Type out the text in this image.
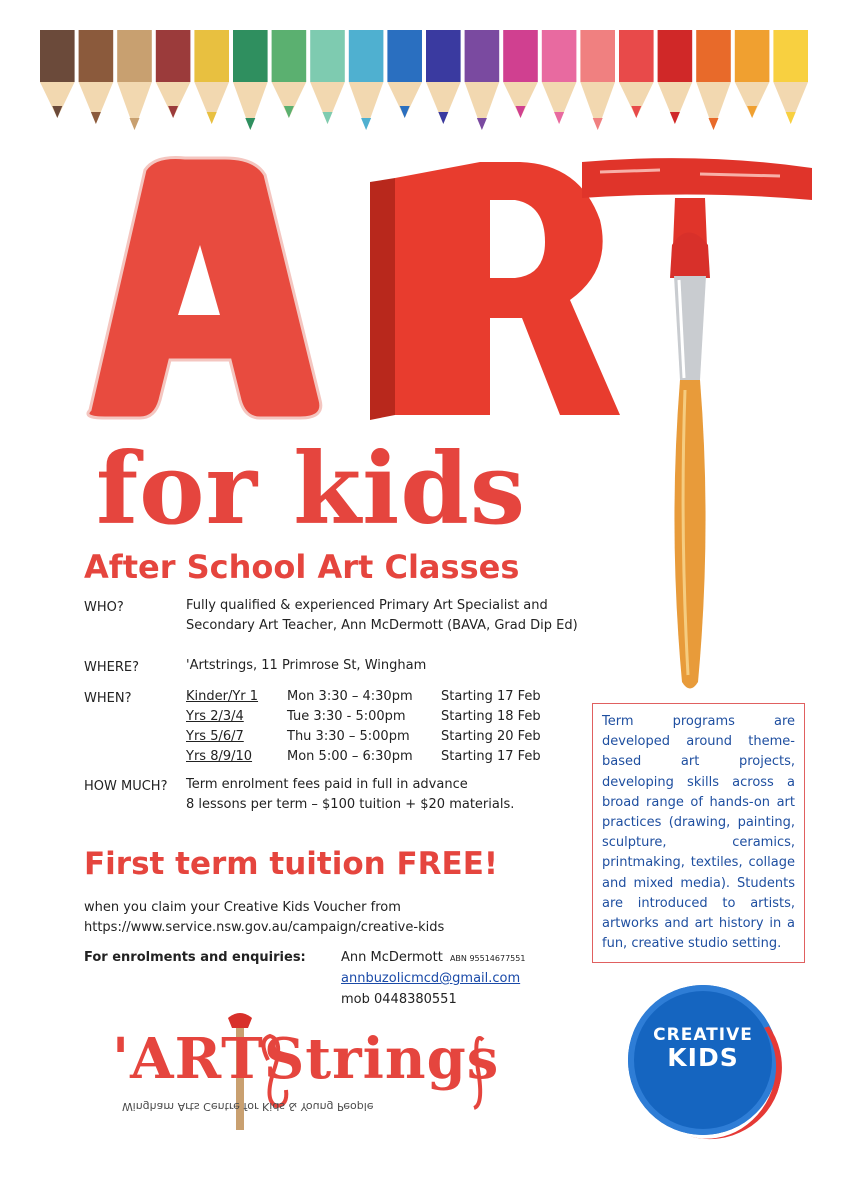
for kids
After School Art Classes
WHO?	Fully qualified & experienced Primary Art Specialist and
Secondary Art Teacher, Ann McDermott (BAVA, Grad Dip Ed)
WHERE?	'Artstrings, 11 Primrose St, Wingham
WHEN?	Kinder/Yr 1 Mon 3:30 – 4:30pm Starting 17 Feb
Yrs 2/3/4	Tue 3:30 - 5:00pm	Starting 18 Feb
Yrs 5/6/7	Thu 3:30 – 5:00pm Starting 20 Feb
Yrs 8/9/10	Mon 5:00 – 6:30pm Starting 17 Feb
HOW MUCH? Term enrolment fees paid in full in advance
8 lessons per term – $100 tuition + $20 materials.
First term tuition FREE!
when you claim your Creative Kids Voucher from
https://www.service.nsw.gov.au/campaign/creative-kids
For enrolments and enquiries:	Ann McDermott ABN 95514677551
annbuzolicmcd@gmail.com
mob 0448380551
Term programs are developed around theme-based art projects, developing skills across a broad range of hands-on art practices (drawing, painting, sculpture, ceramics, printmaking, textiles, collage and mixed media). Students are introduced to artists, artworks and art history in a fun, creative studio setting.
CREATIVE
KIDS
'ARTStrings
Wingham Arts Centre for Kids & Young People
